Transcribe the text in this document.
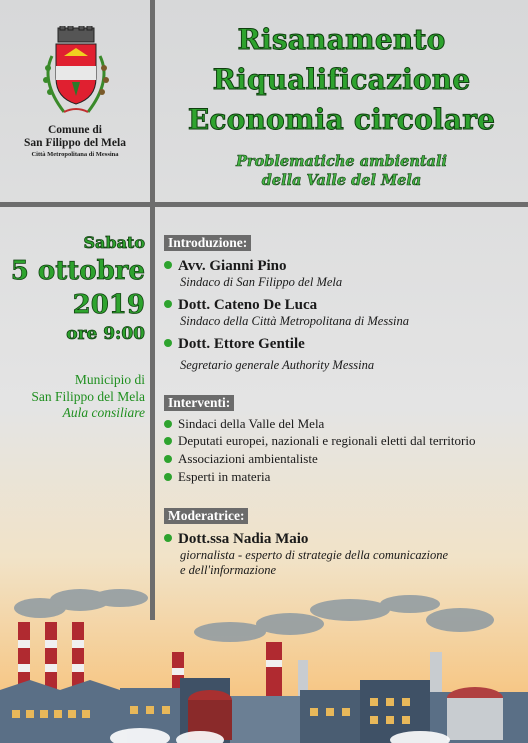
Comune di
San Filippo del Mela
Città Metropolitana di Messina
Risanamento
Riqualificazione
Economia circolare
Problematiche ambientali
della Valle del Mela
Sabato
5 ottobre
2019
ore 9:00
Municipio di
San Filippo del Mela
Aula consiliare
Introduzione:
Avv. Gianni Pino
Sindaco di San Filippo del Mela
Dott. Cateno De Luca
Sindaco della Città Metropolitana di Messina
Dott. Ettore Gentile
Segretario generale Authority Messina
Interventi:
Sindaci della Valle del Mela
Deputati europei, nazionali e regionali eletti dal territorio
Associazioni ambientaliste
Esperti in materia
Moderatrice:
Dott.ssa Nadia Maio
giornalista - esperto di strategie della comunicazione
e dell'informazione
